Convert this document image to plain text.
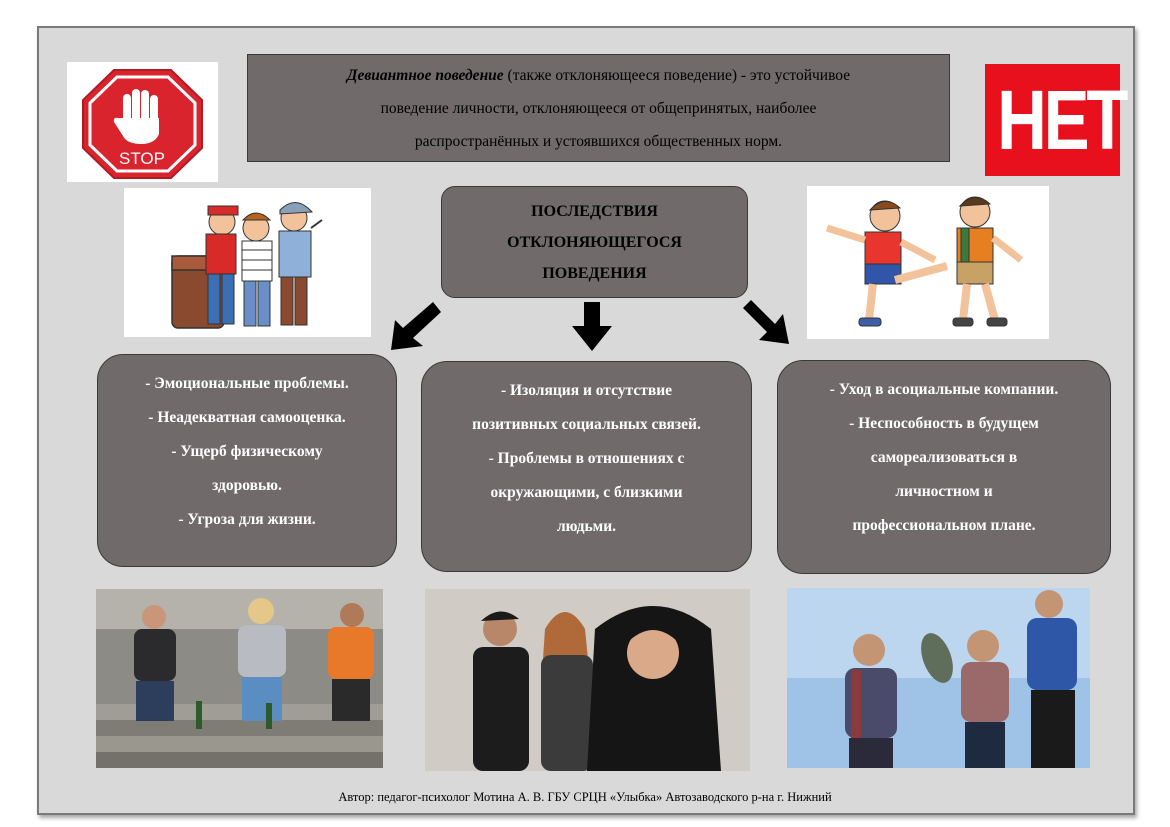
STOP
Девиантное поведение (также отклоняющееся поведение) - это устойчивое
поведение личности, отклоняющееся от общепринятых, наиболее
распространённых и устоявшихся общественных норм.	НЕТ
ПОСЛЕДСТВИЯ
ОТКЛОНЯЮЩЕГОСЯ
ПОВЕДЕНИЯ
- Эмоциональные проблемы.
- Неадекватная самооценка.
- Ущерб физическому
здоровью.
- Угроза для жизни.
- Изоляция и отсутствие
позитивных социальных связей.
- Проблемы в отношениях с
окружающими, с близкими
людьми.
- Уход в асоциальные компании.
- Неспособность в будущем
самореализоваться в
личностном и
профессиональном плане.
Автор: педагог-психолог Мотина А. В. ГБУ СРЦН «Улыбка» Автозаводского р-на г. Нижний
